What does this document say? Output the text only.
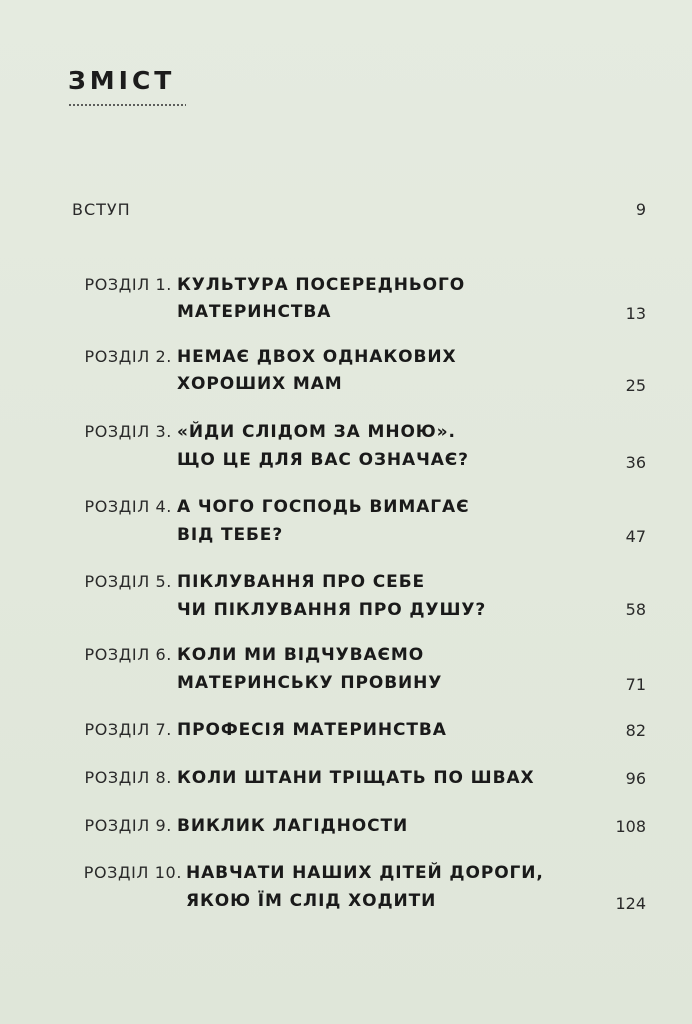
ЗМІСТ
ВСТУП	9
РОЗДІЛ 1. КУЛЬТУРА ПОСЕРЕДНЬОГО
МАТЕРИНСТВА	13
РОЗДІЛ 2. НЕМАЄ ДВОХ ОДНАКОВИХ
ХОРОШИХ МАМ	25
РОЗДІЛ 3. «ЙДИ СЛІДОМ ЗА МНОЮ».
ЩО ЦЕ ДЛЯ ВАС ОЗНАЧАЄ?	36
РОЗДІЛ 4. А ЧОГО ГОСПОДЬ ВИМАГАЄ
ВІД ТЕБЕ?	47
РОЗДІЛ 5. ПІКЛУВАННЯ ПРО СЕБЕ
ЧИ ПІКЛУВАННЯ ПРО ДУШУ?	58
РОЗДІЛ 6. КОЛИ МИ ВІДЧУВАЄМО
МАТЕРИНСЬКУ ПРОВИНУ	71
РОЗДІЛ 7. ПРОФЕСІЯ МАТЕРИНСТВА	82
РОЗДІЛ 8. КОЛИ ШТАНИ ТРІЩАТЬ ПО ШВАХ	96
РОЗДІЛ 9. ВИКЛИК ЛАГІДНОСТИ	108
РОЗДІЛ 10. НАВЧАТИ НАШИХ ДІТЕЙ ДОРОГИ,
ЯКОЮ ЇМ СЛІД ХОДИТИ	124
